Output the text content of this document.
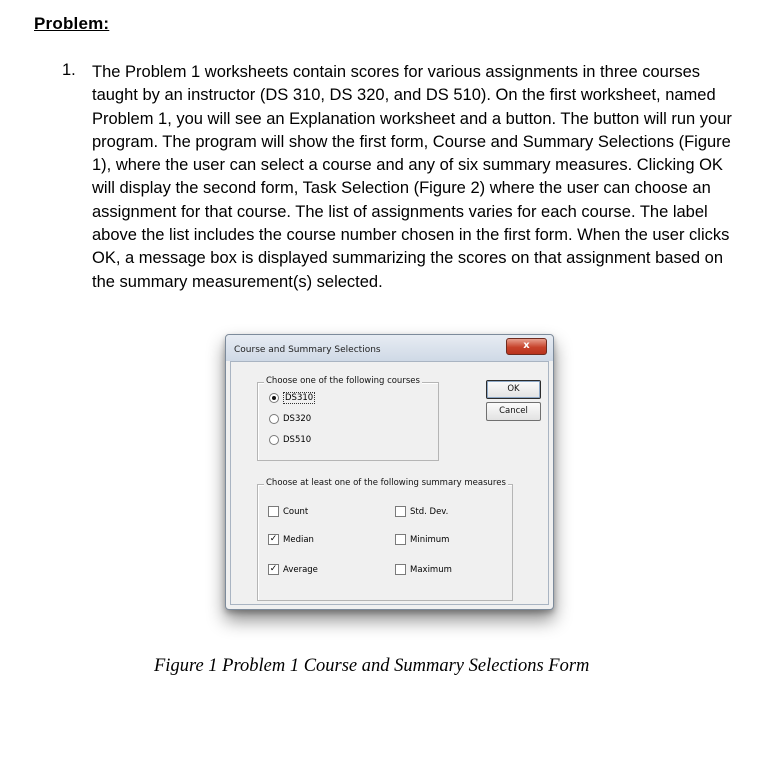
Problem:
1. The Problem 1 worksheets contain scores for various assignments in three courses taught by an instructor (DS 310, DS 320, and DS 510). On the first worksheet, named Problem 1, you will see an Explanation worksheet and a button. The button will run your program. The program will show the first form, Course and Summary Selections (Figure 1), where the user can select a course and any of six summary measures. Clicking OK will display the second form, Task Selection (Figure 2) where the user can choose an assignment for that course. The list of assignments varies for each course. The label above the list includes the course number chosen in the first form. When the user clicks OK, a message box is displayed summarizing the scores on that assignment based on the summary measurement(s) selected.

Course and Summary Selections	x
Choose one of the following courses
DS310
DS320
DS510
OK
Cancel
Choose at least one of the following summary measures
Count
✓ Median
✓ Average
Std. Dev.
Minimum
Maximum
Figure 1 Problem 1 Course and Summary Selections Form
